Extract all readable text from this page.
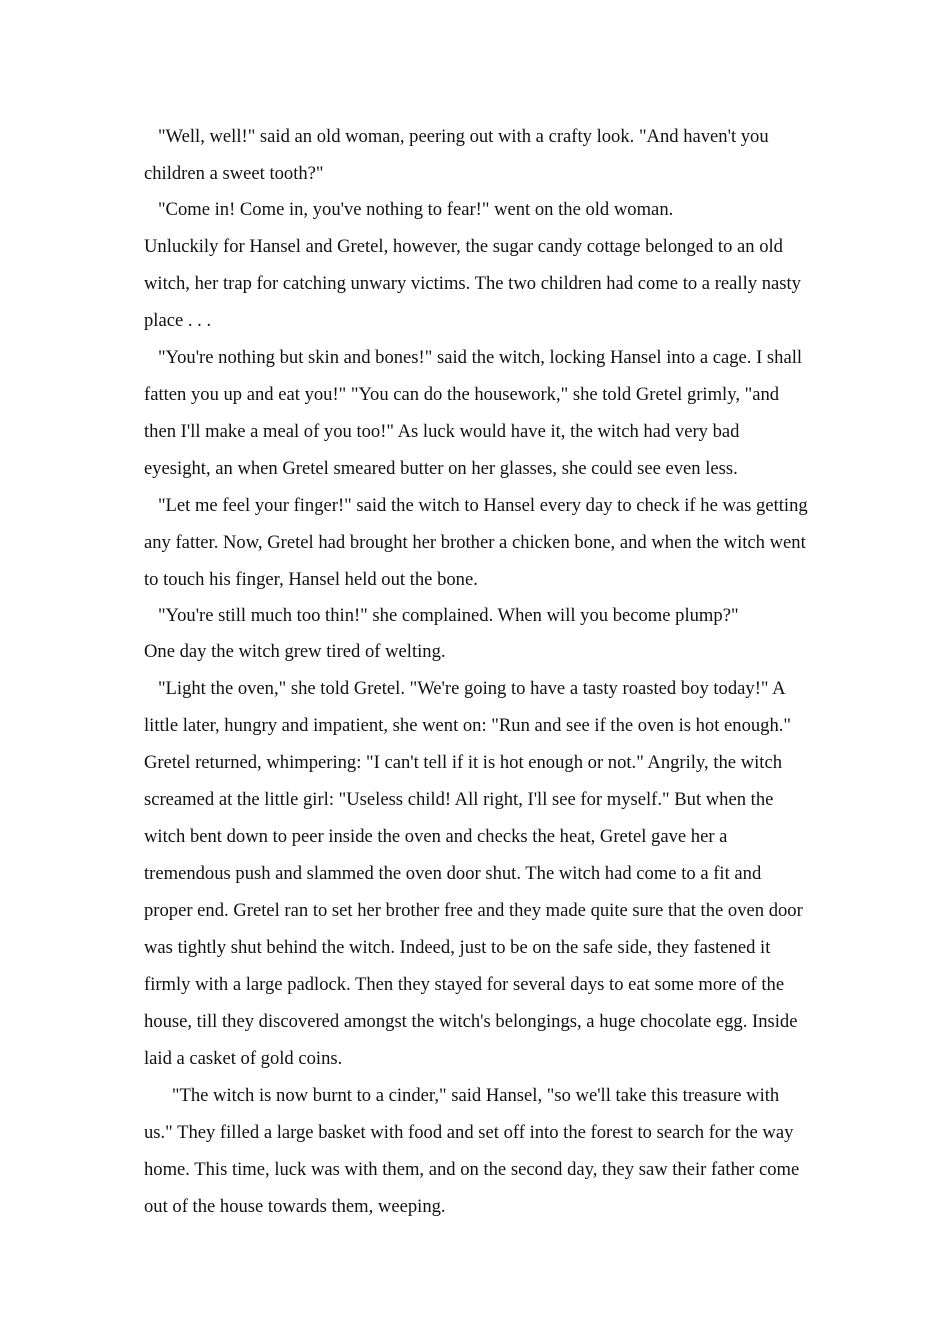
"Well, well!" said an old woman, peering out with a crafty look. "And haven't you children a sweet tooth?"

"Come in! Come in, you've nothing to fear!" went on the old woman.

Unluckily for Hansel and Gretel, however, the sugar candy cottage belonged to an old witch, her trap for catching unwary victims. The two children had come to a really nasty place . . .

"You're nothing but skin and bones!" said the witch, locking Hansel into a cage. I shall fatten you up and eat you!" "You can do the housework," she told Gretel grimly, "and then I'll make a meal of you too!" As luck would have it, the witch had very bad eyesight, an when Gretel smeared butter on her glasses, she could see even less.

"Let me feel your finger!" said the witch to Hansel every day to check if he was getting any fatter. Now, Gretel had brought her brother a chicken bone, and when the witch went to touch his finger, Hansel held out the bone.

"You're still much too thin!" she complained. When will you become plump?"

One day the witch grew tired of welting.

"Light the oven," she told Gretel. "We're going to have a tasty roasted boy today!" A little later, hungry and impatient, she went on: "Run and see if the oven is hot enough." Gretel returned, whimpering: "I can't tell if it is hot enough or not." Angrily, the witch screamed at the little girl: "Useless child! All right, I'll see for myself." But when the witch bent down to peer inside the oven and checks the heat, Gretel gave her a tremendous push and slammed the oven door shut. The witch had come to a fit and proper end. Gretel ran to set her brother free and they made quite sure that the oven door was tightly shut behind the witch. Indeed, just to be on the safe side, they fastened it firmly with a large padlock. Then they stayed for several days to eat some more of the house, till they discovered amongst the witch's belongings, a huge chocolate egg. Inside laid a casket of gold coins.

"The witch is now burnt to a cinder," said Hansel, "so we'll take this treasure with us." They filled a large basket with food and set off into the forest to search for the way home. This time, luck was with them, and on the second day, they saw their father come out of the house towards them, weeping.
